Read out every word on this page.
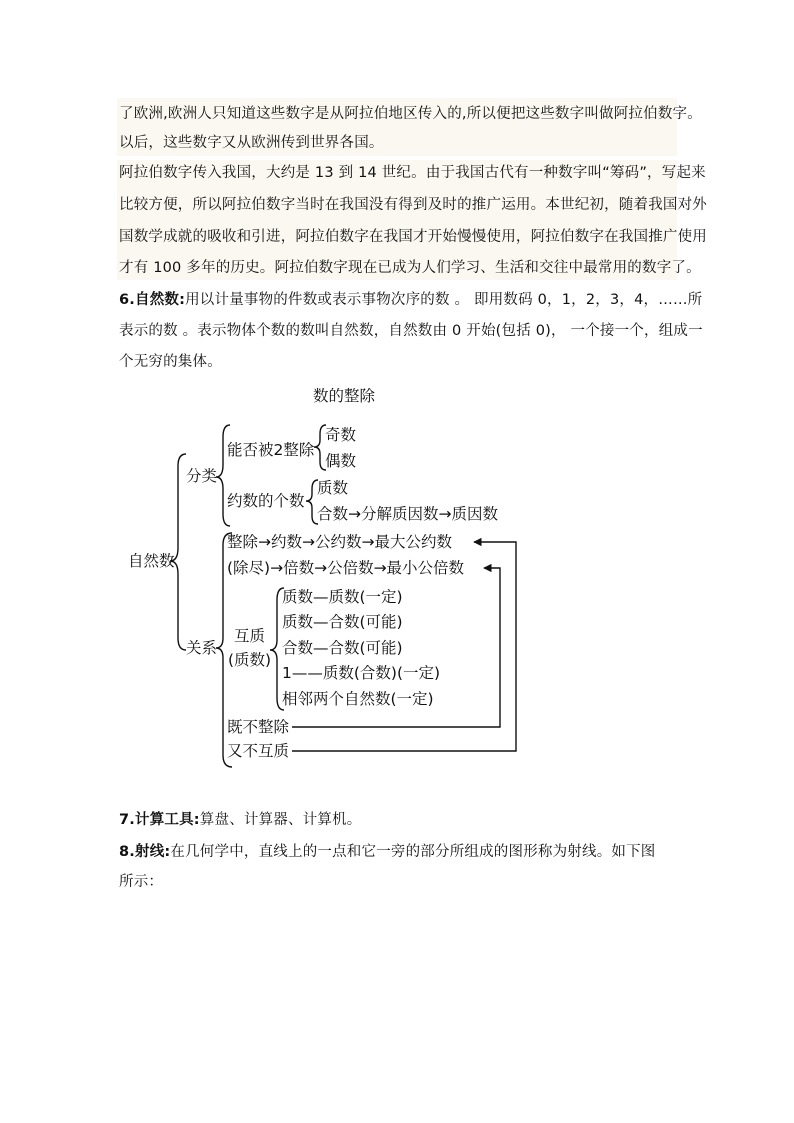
了欧洲,欧洲人只知道这些数字是从阿拉伯地区传入的,所以便把这些数字叫做阿拉伯数字。
以后，这些数字又从欧洲传到世界各国。
阿拉伯数字传入我国，大约是 13 到 14 世纪。由于我国古代有一种数字叫“筹码”，写起来
比较方便，所以阿拉伯数字当时在我国没有得到及时的推广运用。本世纪初，随着我国对外
国数学成就的吸收和引进，阿拉伯数字在我国才开始慢慢使用，阿拉伯数字在我国推广使用
才有 100 多年的历史。阿拉伯数字现在已成为人们学习、生活和交往中最常用的数字了。
6.自然数:用以计量事物的件数或表示事物次序的数 。 即用数码 0，1，2，3，4，……所
表示的数 。表示物体个数的数叫自然数，自然数由 0 开始(包括 0)， 一个接一个，组成一
个无穷的集体。
数的整除
自然数
分类
能否被2整除
奇数
偶数
约数的个数
质数
合数→分解质因数→质因数
关系
整除→约数→公约数→最大公约数
(除尽)→倍数→公倍数→最小公倍数
互质
(质数)
质数—质数(一定)
质数—合数(可能)
合数—合数(可能)
1——质数(合数)(一定)
相邻两个自然数(一定)
既不整除
又不互质
7.计算工具:算盘、计算器、计算机。
8.射线:在几何学中，直线上的一点和它一旁的部分所组成的图形称为射线。如下图
所示：
